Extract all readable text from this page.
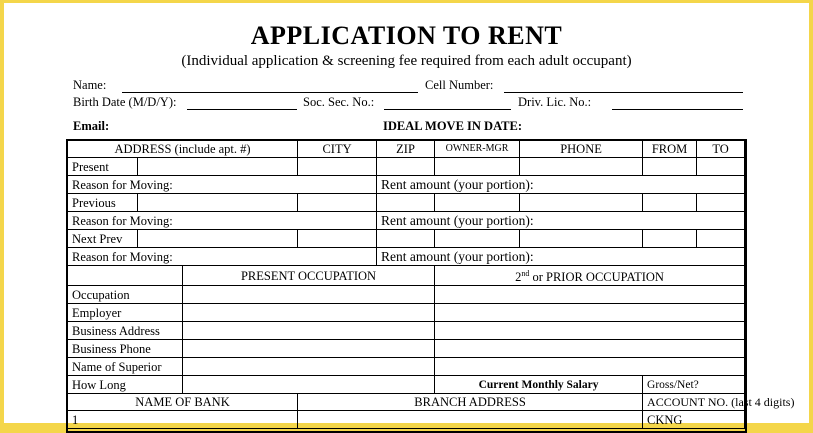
APPLICATION TO RENT
(Individual application & screening fee required from each adult occupant)
Name:	Cell Number:
Birth Date (M/D/Y):	Soc. Sec. No.:	Driv. Lic. No.:
Email:	IDEAL MOVE IN DATE:
ADDRESS (include apt. #)			CITY	ZIP	OWNER-MGR	PHONE	FROM	TO
Present								
Reason for Moving:				Rent amount (your portion):				
Previous								
Reason for Moving:				Rent amount (your portion):				
Next Prev								
Reason for Moving:				Rent amount (your portion):				
		PRESENT OCCUPATION			2nd or PRIOR OCCUPATION			
Occupation								
Employer								
Business Address								
Business Phone								
Name of Superior								
How Long					Current Monthly Salary		Gross/Net?	
NAME OF BANK			BRANCH ADDRESS				ACCOUNT NO. (last 4 digits)	
1							CKNG	
